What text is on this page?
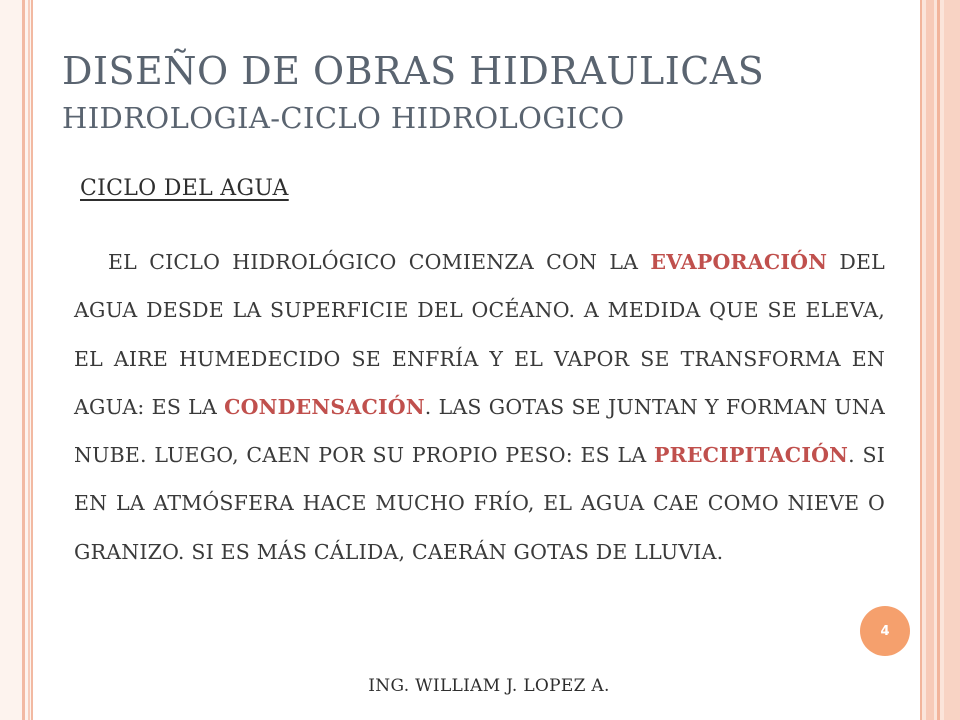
DISEÑO DE OBRAS HIDRAULICAS
HIDROLOGIA-CICLO HIDROLOGICO
CICLO DEL AGUA
EL CICLO HIDROLÓGICO COMIENZA CON LA EVAPORACIÓN DEL AGUA DESDE LA SUPERFICIE DEL OCÉANO. A MEDIDA QUE SE ELEVA, EL AIRE HUMEDECIDO SE ENFRÍA Y EL VAPOR SE TRANSFORMA EN AGUA: ES LA CONDENSACIÓN. LAS GOTAS SE JUNTAN Y FORMAN UNA NUBE. LUEGO, CAEN POR SU PROPIO PESO: ES LA PRECIPITACIÓN. SI EN LA ATMÓSFERA HACE MUCHO FRÍO, EL AGUA CAE COMO NIEVE O GRANIZO. SI ES MÁS CÁLIDA, CAERÁN GOTAS DE LLUVIA.
4
ING. WILLIAM J. LOPEZ A.
